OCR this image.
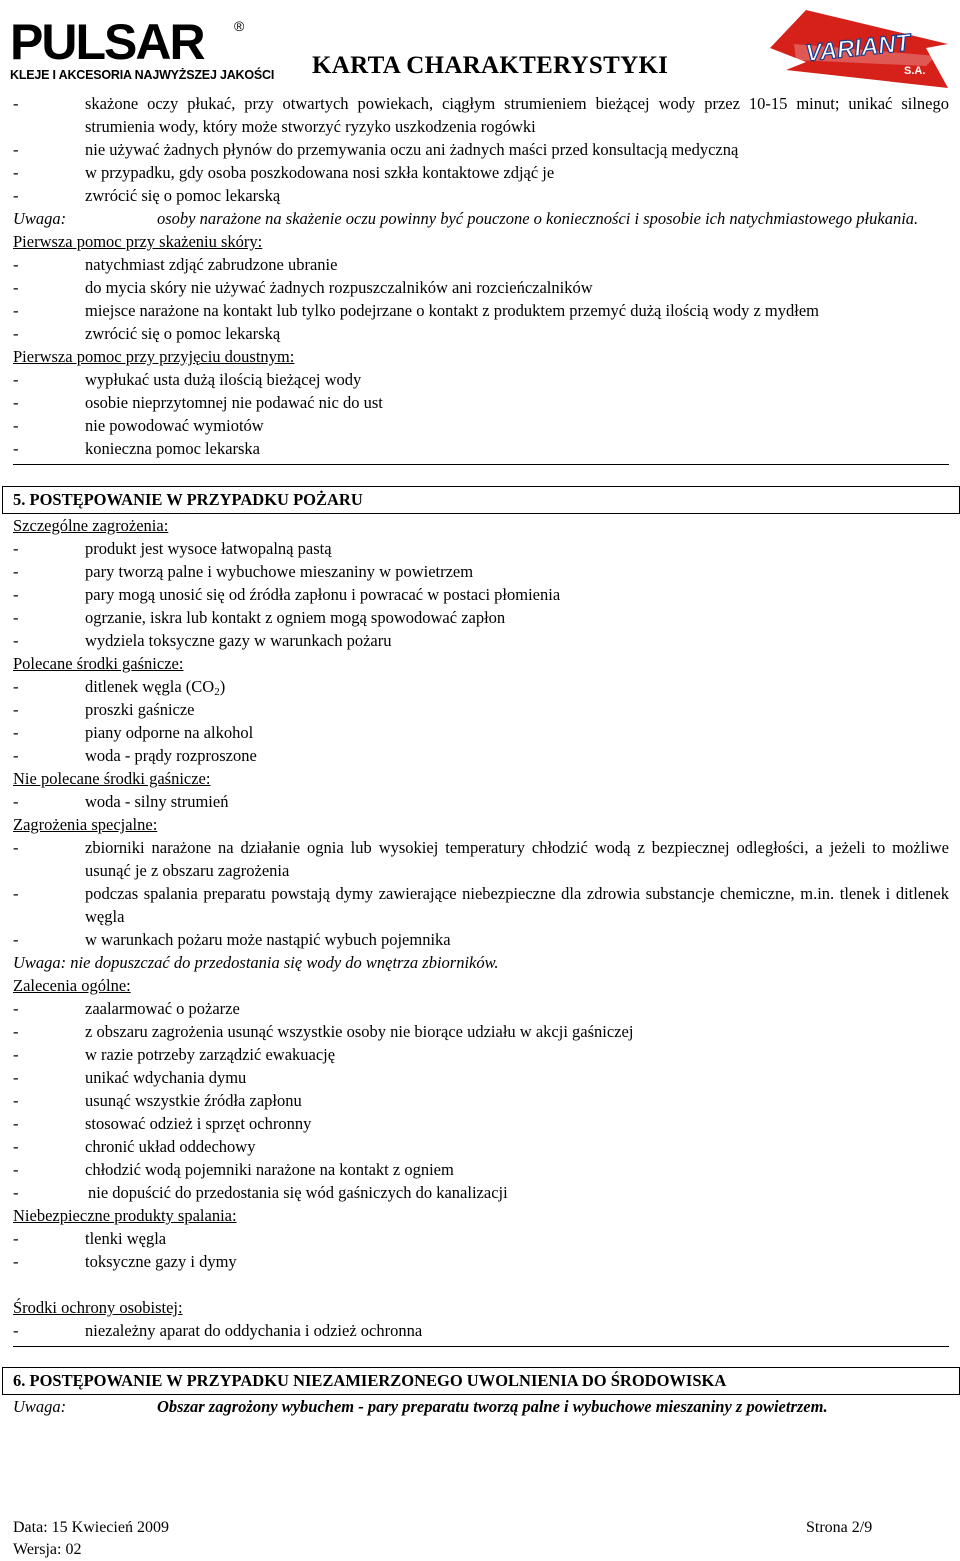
PULSAR ®
KLEJE I AKCESORIA NAJWYŻSZEJ JAKOŚCI KARTA CHARAKTERYSTYKI	VARIANT
S.A.
-	skażone oczy płukać, przy otwartych powiekach, ciągłym strumieniem bieżącej wody przez 10-15 minut; unikać silnego strumienia wody, który może stworzyć ryzyko uszkodzenia rogówki
-	nie używać żadnych płynów do przemywania oczu ani żadnych maści przed konsultacją medyczną
-	w przypadku, gdy osoba poszkodowana nosi szkła kontaktowe zdjąć je
-	zwrócić się o pomoc lekarską
Uwaga:	osoby narażone na skażenie oczu powinny być pouczone o konieczności i sposobie ich natychmiastowego płukania.
Pierwsza pomoc przy skażeniu skóry:
-	natychmiast zdjąć zabrudzone ubranie
-	do mycia skóry nie używać żadnych rozpuszczalników ani rozcieńczalników
-	miejsce narażone na kontakt lub tylko podejrzane o kontakt z produktem przemyć dużą ilością wody z mydłem
-	zwrócić się o pomoc lekarską
Pierwsza pomoc przy przyjęciu doustnym:
-	wypłukać usta dużą ilością bieżącej wody
-	osobie nieprzytomnej nie podawać nic do ust
-	nie powodować wymiotów
-	konieczna pomoc lekarska
5. POSTĘPOWANIE W PRZYPADKU POŻARU
Szczególne zagrożenia:
-	produkt jest wysoce łatwopalną pastą
-	pary tworzą palne i wybuchowe mieszaniny w powietrzem
-	pary mogą unosić się od źródła zapłonu i powracać w postaci płomienia
-	ogrzanie, iskra lub kontakt z ogniem mogą spowodować zapłon
-	wydziela toksyczne gazy w warunkach pożaru
Polecane środki gaśnicze:
-	ditlenek węgla $(CO_2)$
-	proszki gaśnicze
-	piany odporne na alkohol
-	woda - prądy rozproszone
Nie polecane środki gaśnicze:
-	woda - silny strumień
Zagrożenia specjalne:
-	zbiorniki narażone na działanie ognia lub wysokiej temperatury chłodzić wodą z bezpiecznej odległości, a jeżeli to możliwe usunąć je z obszaru zagrożenia
-	podczas spalania preparatu powstają dymy zawierające niebezpieczne dla zdrowia substancje chemiczne, m.in. tlenek i ditlenek węgla
-	w warunkach pożaru może nastąpić wybuch pojemnika
Uwaga: nie dopuszczać do przedostania się wody do wnętrza zbiorników.
Zalecenia ogólne:
-	zaalarmować o pożarze
-	z obszaru zagrożenia usunąć wszystkie osoby nie biorące udziału w akcji gaśniczej
-	w razie potrzeby zarządzić ewakuację
-	unikać wdychania dymu
-	usunąć wszystkie źródła zapłonu
-	stosować odzież i sprzęt ochronny
-	chronić układ oddechowy
-	chłodzić wodą pojemniki narażone na kontakt z ogniem
-	nie dopuścić do przedostania się wód gaśniczych do kanalizacji
Niebezpieczne produkty spalania:
-	tlenki węgla
-	toksyczne gazy i dymy
Środki ochrony osobistej:
-	niezależny aparat do oddychania i odzież ochronna
6. POSTĘPOWANIE W PRZYPADKU NIEZAMIERZONEGO UWOLNIENIA DO ŚRODOWISKA
Uwaga:	Obszar zagrożony wybuchem - pary preparatu tworzą palne i wybuchowe mieszaniny z powietrzem.
Data: 15 Kwiecień 2009
Wersja: 02
Strona 2/9
